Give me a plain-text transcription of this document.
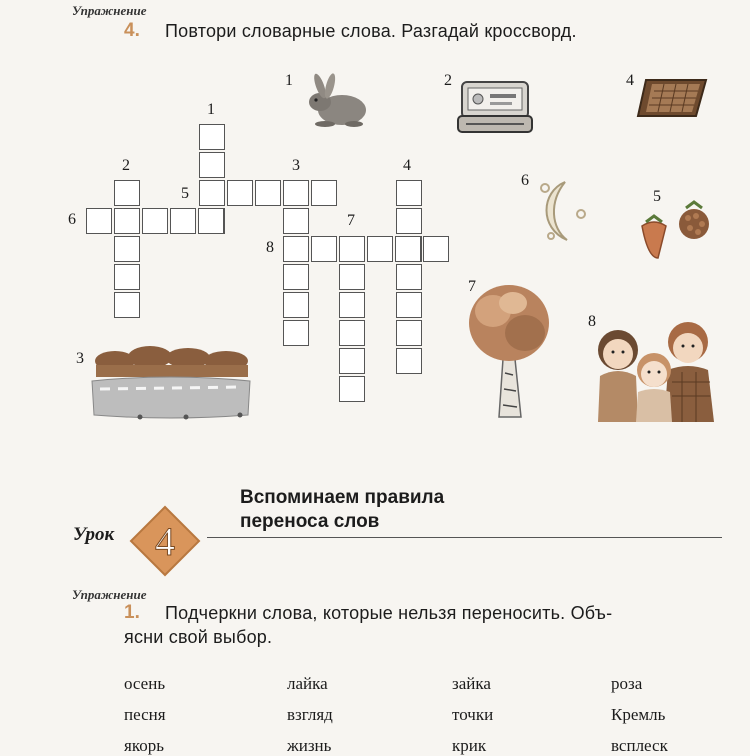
Упражнение
4. Повтори словарные слова. Разгадай кроссворд.
1
2	3	4
5
6	7
8
1	2	4
6
5
3
7
8
Вспоминаем правила
переноса слов
Урок	4
Упражнение
1. Подчеркни слова, которые нельзя переносить. Объ-
ясни свой выбор.
осень	лайка	зайка	роза
песня	взгляд	точки	Кремль
якорь	жизнь	крик	всплеск
